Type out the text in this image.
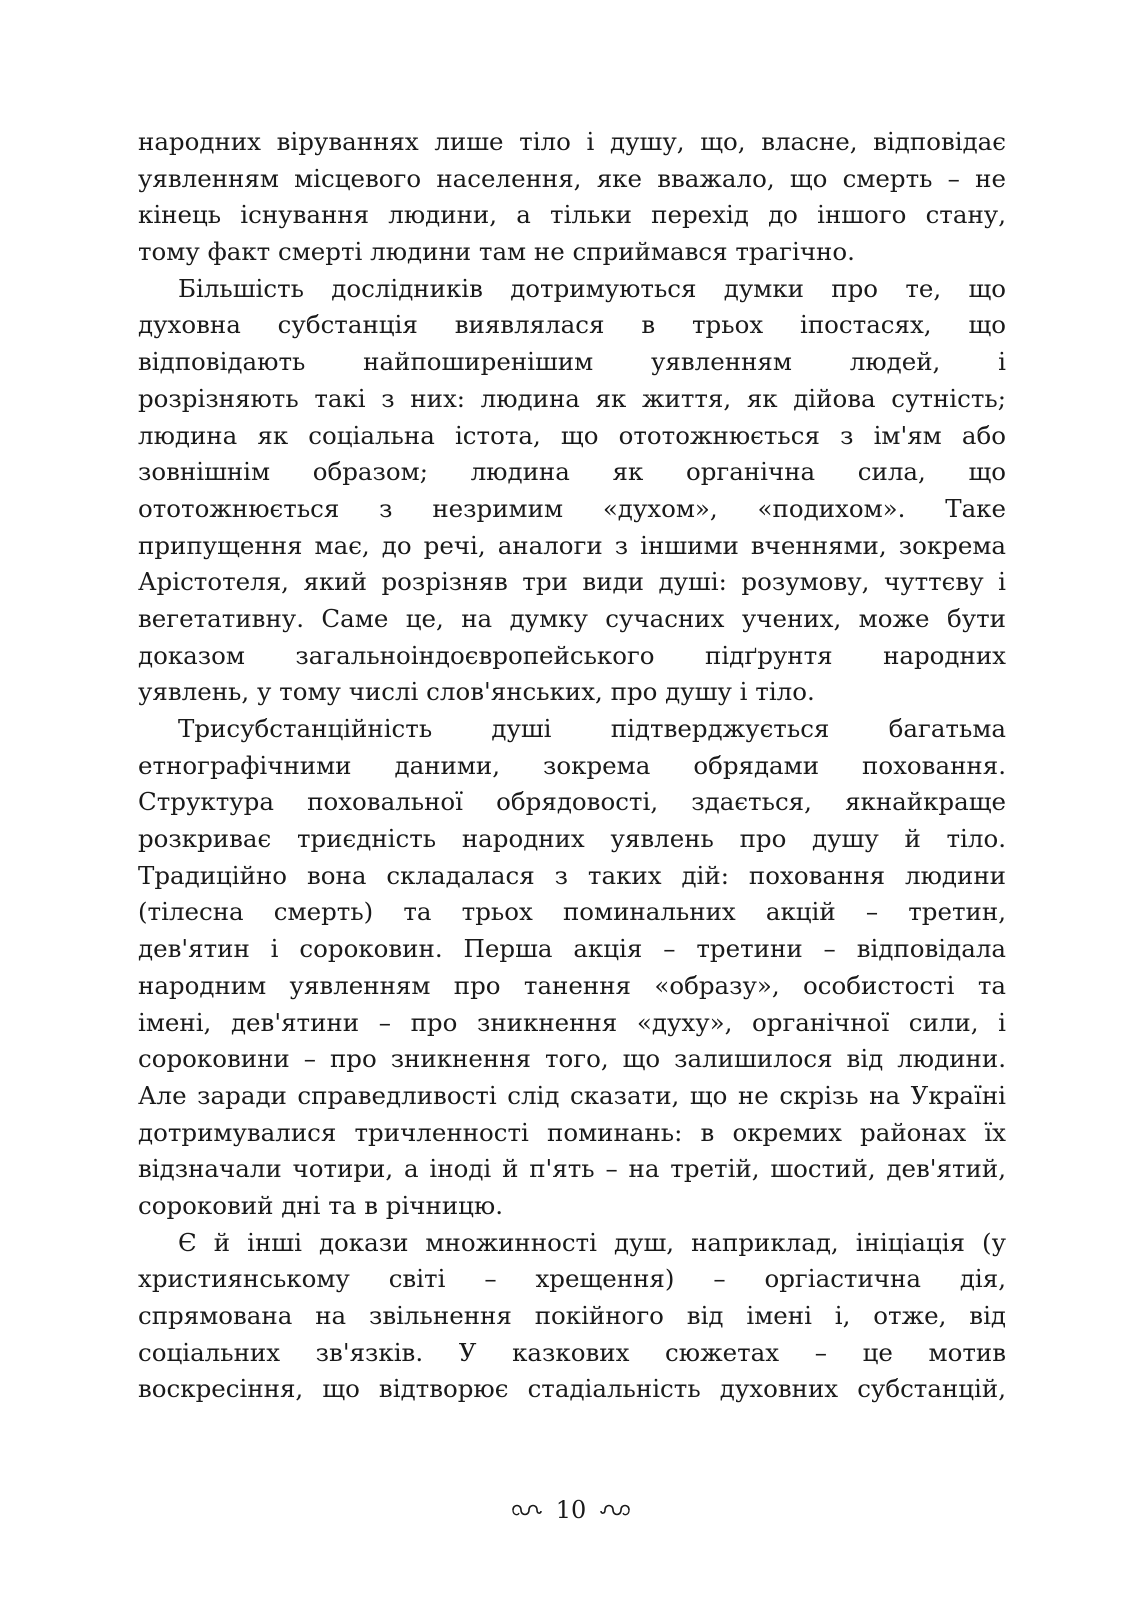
народних віруваннях лише тіло і душу, що, власне, відповідає
уявленням місцевого населення, яке вважало, що смерть – не
кінець існування людини, а тільки перехід до іншого стану,
тому факт смерті людини там не сприймався трагічно.
Більшість дослідників дотримуються думки про те, що
духовна субстанція виявлялася в трьох іпостасях, що
відповідають найпоширенішим уявленням людей, і
розрізняють такі з них: людина як життя, як дійова сутність;
людина як соціальна істота, що ототожнюється з ім'ям або
зовнішнім образом; людина як органічна сила, що
ототожнюється з незримим «духом», «подихом». Таке
припущення має, до речі, аналоги з іншими вченнями, зокрема
Арістотеля, який розрізняв три види душі: розумову, чуттєву і
вегетативну. Саме це, на думку сучасних учених, може бути
доказом загальноіндоєвропейського підґрунтя народних
уявлень, у тому числі слов'янських, про душу і тіло.
Трисубстанційність душі підтверджується багатьма
етнографічними даними, зокрема обрядами поховання.
Структура поховальної обрядовості, здається, якнайкраще
розкриває триєдність народних уявлень про душу й тіло.
Традиційно вона складалася з таких дій: поховання людини
(тілесна смерть) та трьох поминальних акцій – третин,
дев'ятин і сороковин. Перша акція – третини – відповідала
народним уявленням про танення «образу», особистості та
імені, дев'ятини – про зникнення «духу», органічної сили, і
сороковини – про зникнення того, що залишилося від людини.
Але заради справедливості слід сказати, що не скрізь на Україні
дотримувалися тричленності поминань: в окремих районах їх
відзначали чотири, а іноді й п'ять – на третій, шостий, дев'ятий,
сороковий дні та в річницю.
Є й інші докази множинності душ, наприклад, ініціація (у
християнському світі – хрещення) – оргіастична дія,
спрямована на звільнення покійного від імені і, отже, від
соціальних зв'язків. У казкових сюжетах – це мотив
воскресіння, що відтворює стадіальність духовних субстанцій,
10
